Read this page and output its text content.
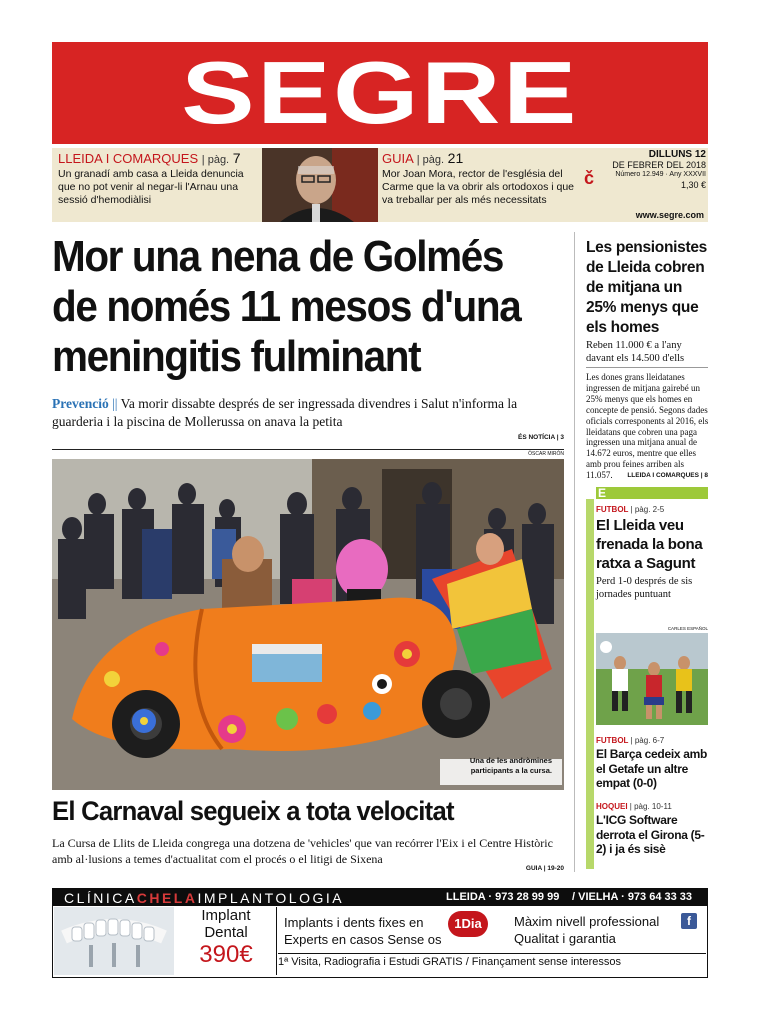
SEGRE
LLEIDA I COMARQUES | pàg. 7
Un granadí amb casa a Lleida denuncia que no pot venir al negar-li l'Arnau una sessió d'hemodiàlisi
GUIA | pàg. 21
Mor Joan Mora, rector de l'església del Carme que la va obrir als ortodoxos i que va treballar per als més necessitats
DILLUNS 12
DE FEBRER DEL 2018
Número 12.949 · Any XXXVII
1,30 €
č
www.segre.com
Mor una nena de Golmés
de només 11 mesos d'una
meningitis fulminant
Prevenció || Va morir dissabte després de ser ingressada divendres i Salut n'informa la guarderia i la piscina de Mollerussa on anava la petita
ÉS NOTÍCIA | 3
ÒSCAR MIRÓN
Una de les andròmines
participants a la cursa.
El Carnaval segueix a tota velocitat
La Cursa de Llits de Lleida congrega una dotzena de 'vehicles' que van recórrer l'Eix i el Centre Històric amb al·lusions a temes d'actualitat com el procés o el litigi de Sixena
GUIA | 19-20
Les pensionistes de Lleida cobren de mitjana un 25% menys que els homes
Reben 11.000 € a l'any davant els 14.500 d'ells
Les dones grans lleidatanes ingressen de mitjana gairebé un 25% menys que els homes en concepte de pensió. Segons dades oficials corresponents al 2016, els lleidatans que cobren una paga ingressen una mitjana anual de 14.672 euros, mentre que elles amb prou feines arriben als 11.057.	LLEIDA I COMARQUES | 8
E
FUTBOL | pàg. 2-5
El Lleida veu frenada la bona ratxa a Sagunt
Perd 1-0 després de sis jornades puntuant
CARLES ESPAÑOL
FUTBOL | pàg. 6-7
El Barça cedeix amb el Getafe un altre empat (0-0)
HOQUEI | pàg. 10-11
L'ICG Software derrota el Girona (5-2) i ja és sisè
CLÍNICACHELAIMPLANTOLOGIA	LLEIDA · 973 28 99 99 / VIELHA · 973 64 33 33
Implant
Dental
390€
Implants i dents fixes en
Experts en casos Sense os
1Dia	Màxim nivell professional
Qualitat i garantia
f
1ª Visita, Radiografia i Estudi GRATIS / Finançament sense interessos
